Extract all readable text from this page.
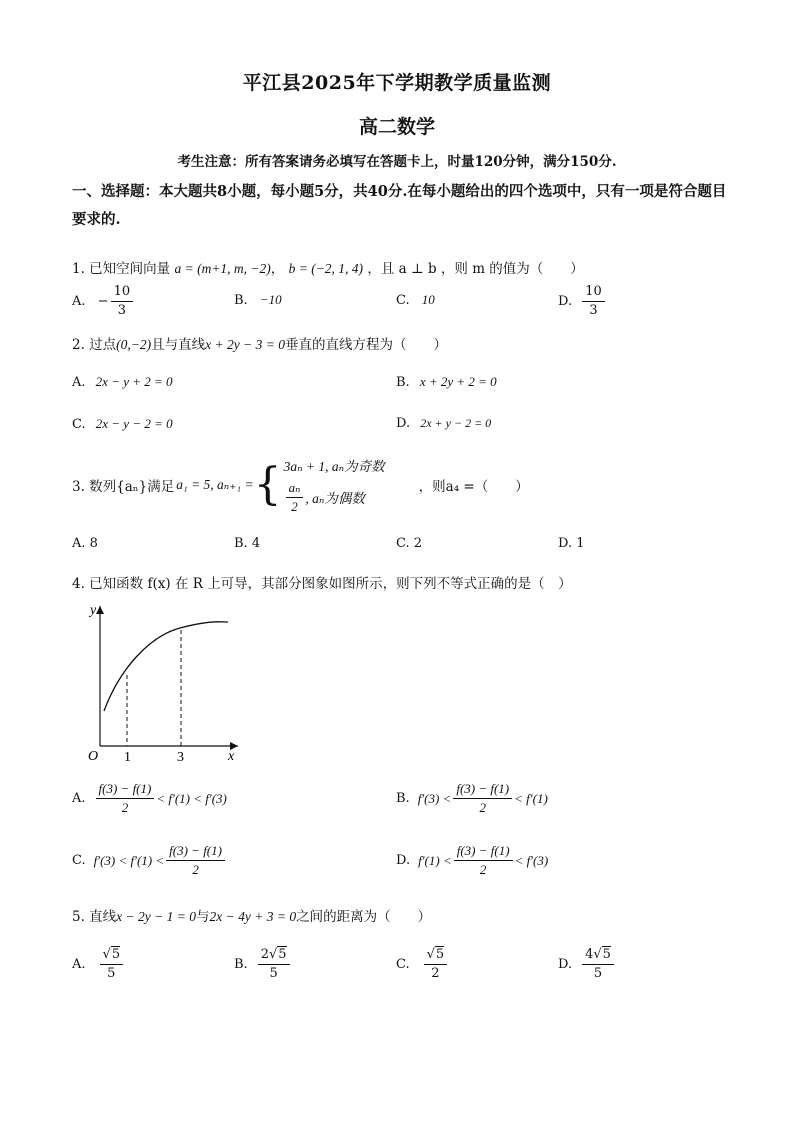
平江县2025年下学期教学质量监测
高二数学
考生注意：所有答案请务必填写在答题卡上，时量120分钟，满分150分.
一、选择题：本大题共8小题，每小题5分，共40分.在每小题给出的四个选项中，只有一项是符合题目要求的.
1. 已知空间向量 a = (m+1, m, −2)， b = (−2, 1, 4) ，且 a ⊥ b ，则 m 的值为（　　）
A. − $\frac{10}{3}$	B. −10	C. 10	D. $\frac{10}{3}$
2. 过点(0,−2)且与直线x + 2y − 3 = 0垂直的直线方程为（　　）
A. 2x − y + 2 = 0	B. x + 2y + 2 = 0
C. 2x − y − 2 = 0	D. 2x + y − 2 = 0
3. 数列{aₙ}满足 a₁ = 5, aₙ₊₁ = { 3aₙ + 1, aₙ为奇数
$\frac{\text{aₙ}}{2}$ , aₙ为偶数
，则a₄ =（　　）
A. 8	B. 4	C. 2	D. 1
4. 已知函数 f(x) 在 R 上可导，其部分图象如图所示，则下列不等式正确的是（　）
y
x
O 1	3
A. $\frac{f(3) - f(1)}{2} < f'(1) < f'(3)$	B. $f'(3) < \frac{f(3) - f(1)}{2} < f'(1)$
C. $f'(3) < f'(1) < \frac{f(3) - f(1)}{2}$	D. $f'(1) < \frac{f(3) - f(1)}{2} < f'(3)$
5. 直线x − 2y − 1 = 0与2x − 4y + 3 = 0之间的距离为（　　）
A. $\frac{√5}{5}$	B. $\frac{2√5}{5}$	C. $\frac{√5}{2}$	D. $\frac{4√5}{5}$
